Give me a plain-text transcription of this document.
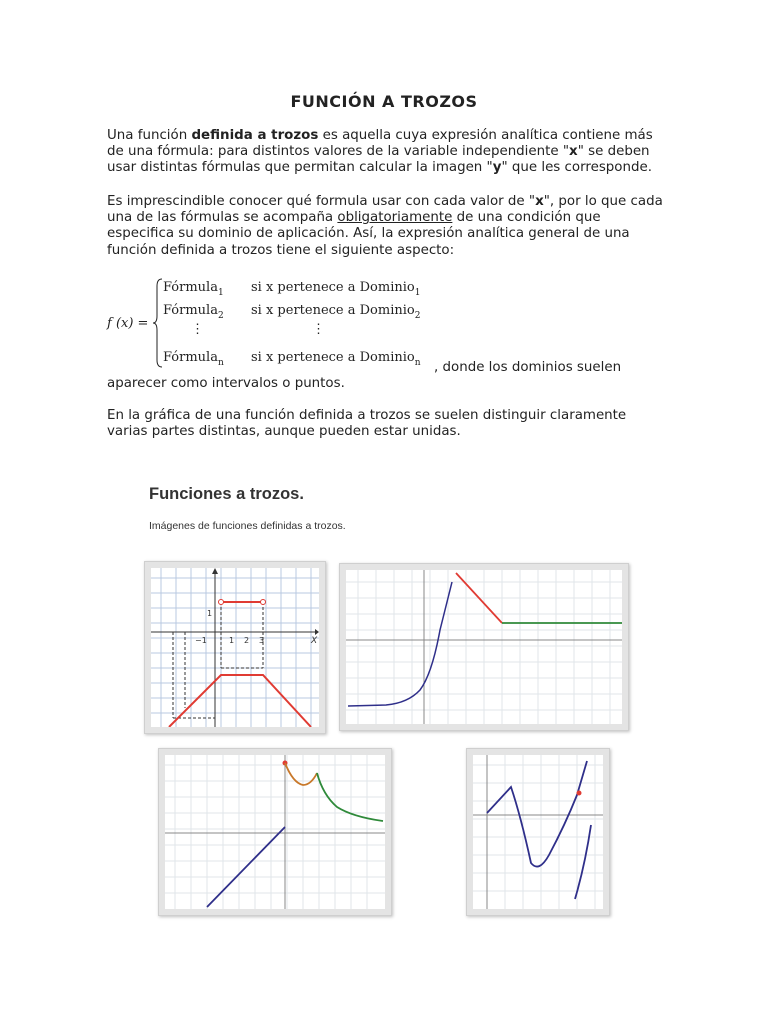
FUNCIÓN A TROZOS
Una función definida a trozos es aquella cuya expresión analítica contiene más de una fórmula: para distintos valores de la variable independiente "x" se deben usar distintas fórmulas que permitan calcular la imagen "y" que les corresponde.
Es imprescindible conocer qué formula usar con cada valor de "x", por lo que cada una de las fórmulas se acompaña obligatoriamente de una condición que especifica su dominio de aplicación. Así, la expresión analítica general de una función definida a trozos tiene el siguiente aspecto:
f (x) =
Fórmula$_1$ si x pertenece a Dominio$_1$
Fórmula$_2$ si x pertenece a Dominio$_2$
⋮	⋮
Fórmula$_n$ si x pertenece a Dominio$_n$ , donde los dominios suelen
aparecer como intervalos o puntos.
En la gráfica de una función definida a trozos se suelen distinguir claramente varias partes distintas, aunque pueden estar unidas.
Funciones a trozos.
Imágenes de funciones definidas a trozos.
X
−1	1 2 3
1
